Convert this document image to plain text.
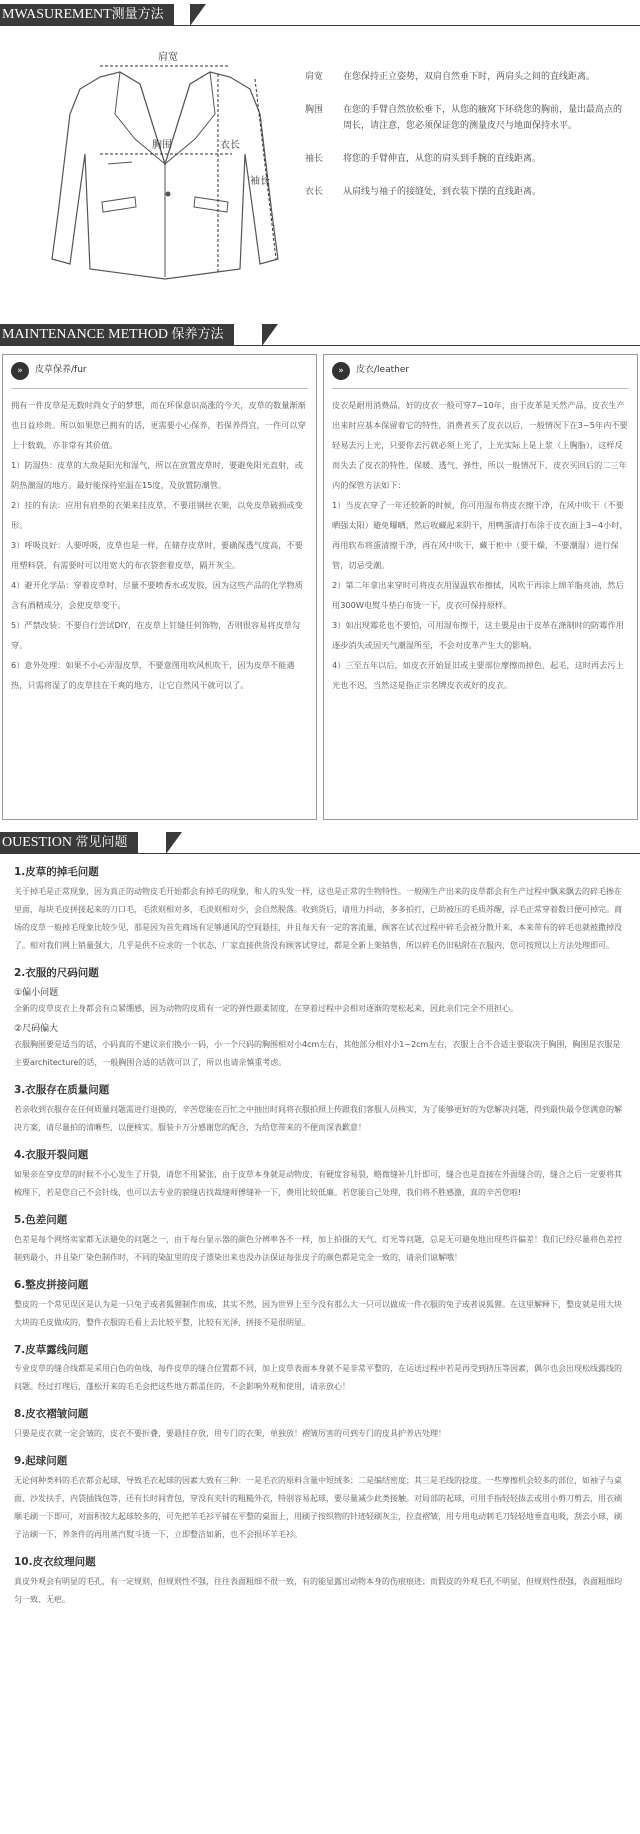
MWASUREMENT测量方法
肩宽
胸围	衣长
袖长
肩宽	在您保持正立姿势，双肩自然垂下时，两肩头之间的直线距离。
胸围	在您的手臂自然放松垂下，从您的腋窝下环绕您的胸前，量出最高点的周长，请注意，您必须保证您的测量皮尺与地面保持水平。
袖长	将您的手臂伸直，从您的肩头到手腕的直线距离。
衣长	从肩线与袖子的接缝处，到衣装下摆的直线距离。
MAINTENANCE METHOD 保养方法
»	皮草保养/fur

拥有一件皮草是无数时尚女子的梦想，而在环保意识高涨的今天，皮草的数量渐渐也日益珍贵。所以如果您已拥有的话，更需要小心保养，若保养得宜，一件可以穿上十数载，亦非常有其价值。

1）防湿热：皮草的大敌是阳光和湿气，所以在放置皮草时，要避免阳光直射，或阴热潮湿的地方。最好能保持室温在15度，及放置防潮管。

2）挂的有法：应用有肩垫的衣架来挂皮草，不要用钢丝衣架，以免皮草破损或变形。

3）呼吸良好：人要呼吸，皮草也是一样，在储存皮草时，要确保透气度高，不要用塑料袋，有需要时可以用宽大的布衣袋套着皮草，隔开灰尘。

4）避开化学品：穿着皮草时，尽量不要喷香水或发胶，因为这些产品的化学物质含有酒精成分，会使皮草变干。

5）严禁改装：不要自行尝试DIY，在皮草上钉缝任何饰物，否则很容易将皮草勾穿。

6）意外处理：如果不小心弄湿皮草，不要意图用吹风机吹干，因为皮草不能遇热，只需将湿了的皮草挂在干爽的地方，让它自然风干就可以了。

»	皮衣/leather

皮衣是耐用消费品，好的皮衣一般可穿7~10年，由于皮革是天然产品，皮衣生产出来时应基本保留着它的特性，消费者买了皮衣以后，一般情况下在3~5年内不要轻易去污上光，只要你去污就必须上光了，上光实际上是上浆（上胸脂），这样反而失去了皮衣的特性，保暖、透气、弹性，所以一般情况下，皮衣买回后的二三年内的保管方法如下：

1）当皮衣穿了一年还较新的时候，你可用湿布将皮衣擦干净，在风中吹干（不要晒强太阳）避免曝晒，然后收藏起来阴干，用鸭蛋清打布涂于皮衣面上3~4小时，再用软布将蛋清擦干净，再在风中吹干，藏于柜中（要干燥，不要潮湿）进行保管，切忌受潮。

2）第二年拿出来穿时可将皮衣用湿温软布擦拭，风吹干再涂上绵羊脂亮油，然后用300W电熨斗垫白布烫一下，皮衣可保持原样。

3）如出现霉花也不要怕，可用湿布擦干，这主要是由于皮革在涤制时的防霉作用逐步消失或因天气潮湿所至，不会对皮革产生大的影响。

4）三至五年以后，如皮衣开始显旧或主要部位摩擦而掉色、起毛，这时再去污上光也不迟，当然这是指正宗名牌皮衣或好的皮衣。

OUESTION 常见问题
1.皮草的掉毛问题

关于掉毛是正常现象，因为真正的动物皮毛开始都会有掉毛的现象，和人的头发一样，这也是正常的生物特性。一般刚生产出来的皮草都会有生产过程中飘来飘去的碎毛掺在里面，每块毛皮拼接起来的刀口毛，毛浓则相对多，毛淡则相对少，会自然脱落。收到货后，请用力抖动，多多拍打，已助被压的毛质苏醒，浮毛正常穿着数日便可掉完。商场的皮草一般掉毛现象比较少见，那是因为首先商场有足够通风的空间悬挂，并且每天有一定的客流量，顾客在试衣过程中碎毛会被分散开来，本来带有的碎毛也就被撒掉没了。相对我们网上销量强大，几乎是供不应求的一个状态，厂家直接供货没有顾客试穿过，都是全新上架销售，所以碎毛仍旧粘附在衣服内，您可按照以上方法处理即可。

2.衣服的尺码问题
①偏小问题

全新的皮草皮衣上身都会有点紧绷感，因为动物的皮质有一定的弹性跟柔韧度，在穿着过程中会相对逐渐的宽松起来，因此亲们完全不用担心。

②尺码偏大

衣服胸围要是适当的话，小码真的不建议亲们换小一码，小一个尺码的胸围相对小4cm左右，其他部分相对小1~2cm左右，衣服上合不合适主要取决于胸围，胸围是衣服是主要architecture的话，一般胸围合适的话就可以了，所以也请亲慎重考虑。

3.衣服存在质量问题

若亲收到衣服存在任何质量问题需进行退换的，辛苦您能在百忙之中抽出时间将衣服拍照上传跟我们客服人员核实，为了能够更好的为您解决问题，得到最快最令您满意的解决方案，请尽量拍的清晰些，以便核实。服装卡万分感谢您的配合，为给您带来的不便而深表歉意！

4.衣服开裂问题

如果亲在穿皮草的时候不小心发生了开裂，请您不用紧张，由于皮草本身就是动物皮，有硬度容易裂，略微缝补几针即可，缝合也是直接在外面缝合的，缝合之后一定要将其梳理下，若是您自己不会针线，也可以去专业的貌缝店找裁缝师傅缝补一下，费用比较低廉。若您能自己处理，我们将不胜感激，真的辛苦您啦!

5.色差问题

色差是每个网络卖家都无法避免的问题之一，由于每台显示器的颜色分辨率各不一样，加上拍摄的天气、灯光等问题，总是无可避免地出现些许偏差！我们已经尽量将色差控制到最小，并且染厂染色制作时，不同的染缸里的皮子漂染出来也没办法保证每张皮子的颜色都是完全一致的，请亲们谅解哦！

6.整皮拼接问题

整皮的一个常见误区是认为是一只兔子或者狐狸制作而成，其实不然，因为世界上至今没有那么大一只可以做成一件衣服的兔子或者说狐狸。在这里解释下，整皮就是用大块大块的毛皮做成的，整件衣服的毛看上去比较平整，比较有光泽，拼接不是很明显。

7.皮草露线问题

专业皮草的缝合线都是采用白色的鱼线，每件皮草的缝合位置都不同，加上皮草表面本身就不是非常平整的，在运送过程中若是再受到挤压等因素，偶尔也会出现松线露线的问题。经过打理后，蓬松开来的毛毛会把这些地方都盖住的，不会影响外观和使用，请亲放心！

8.皮衣褶皱问题

只要是皮衣就一定会皱的，皮衣不要折叠，要悬挂存放，用专门的衣架，单独放！褶皱厉害的可到专门的皮具护养店处理！

9.起球问题

无论何种类料的毛衣都会起球，导致毛衣起球的因素大致有三种：一是毛衣的原料含量中短绒多；二是编结密度；其三是毛线的捻度。一些摩擦机会较多的部位，如袖子与桌面、沙发扶手，内袋插钱包等，还有长时间背包，穿没有夹针的粗糙外衣，特别容易起球，要尽量减少此类接触。对局部的起球，可用手指轻轻拔去或用小剪刀剪去，用衣刷顺毛刷一下即可，对面积较大起球较多的，可先把羊毛衫平铺在平整的桌面上，用刷子按织物的针迹轻刷灰尘，拉直褶皱，用专用电动刺毛刀轻轻地垂直电吸，刮去小球，刷子沾刷一下，养条件的再用蒸汽熨斗烫一下，立即整洁如新，也不会损坏羊毛衫。

10.皮衣纹理问题

真皮外观会有明显的毛孔，有一定规则，但规则性不强，往往表面粗细不很一致，有的能显露出动物本身的伤痕痕迹；而假皮的外观毛孔不明显，但规则性很强，表面粗细均匀一致、无疤。
